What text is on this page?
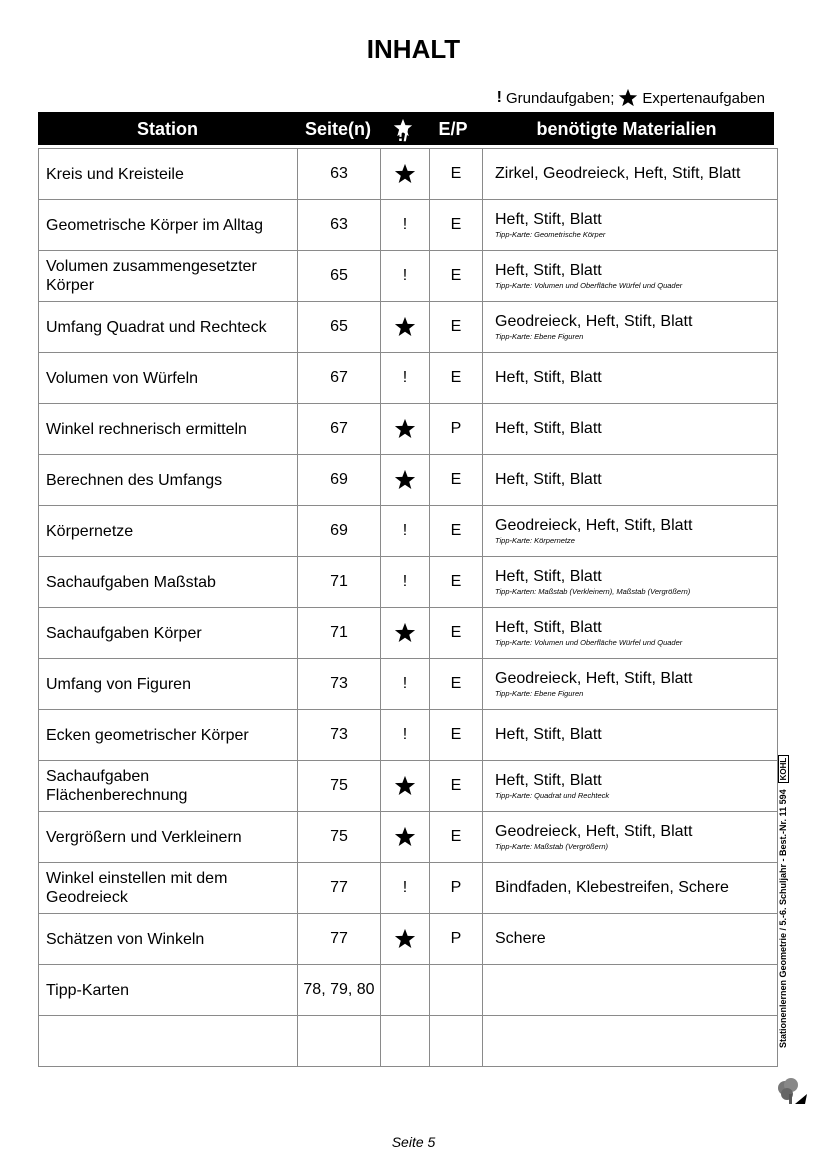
INHALT
! Grundaufgaben; Expertenaufgaben
Station	Seite(n)	!/	E/P	benötigte Materialien
Kreis und Kreisteile	63		E	Zirkel, Geodreieck, Heft, Stift, Blatt

Geometrische Körper im Alltag	63	!	E	Heft, Stift, Blatt
Tipp-Karte: Geometrische Körper

Volumen zusammengesetzter Körper	65	!	E	Heft, Stift, Blatt
Tipp-Karte: Volumen und Oberfläche Würfel und Quader

Umfang Quadrat und Rechteck	65		E	Geodreieck, Heft, Stift, Blatt
Tipp-Karte: Ebene Figuren

Volumen von Würfeln	67	!	E	Heft, Stift, Blatt

Winkel rechnerisch ermitteln	67		P	Heft, Stift, Blatt

Berechnen des Umfangs	69		E	Heft, Stift, Blatt

Körpernetze	69	!	E	Geodreieck, Heft, Stift, Blatt
Tipp-Karte: Körpernetze

Sachaufgaben Maßstab	71	!	E	Heft, Stift, Blatt
Tipp-Karten: Maßstab (Verkleinern), Maßstab (Vergrößern)

Sachaufgaben Körper	71		E	Heft, Stift, Blatt
Tipp-Karte: Volumen und Oberfläche Würfel und Quader

Umfang von Figuren	73	!	E	Geodreieck, Heft, Stift, Blatt
Tipp-Karte: Ebene Figuren

Ecken geometrischer Körper	73	!	E	Heft, Stift, Blatt

Sachaufgaben Flächenberechnung	75		E	Heft, Stift, Blatt
Tipp-Karte: Quadrat und Rechteck

Vergrößern und Verkleinern	75		E	Geodreieck, Heft, Stift, Blatt
Tipp-Karte: Maßstab (Vergrößern)

Winkel einstellen mit dem Geodreieck	77	!	P	Bindfaden, Klebestreifen, Schere

Schätzen von Winkeln	77		P	Schere

Tipp-Karten	78, 79, 80			

					Stationenlernen Geometrie / 5.-6. Schuljahr - Best.-Nr. 11 594
KOHL
Seite 5
